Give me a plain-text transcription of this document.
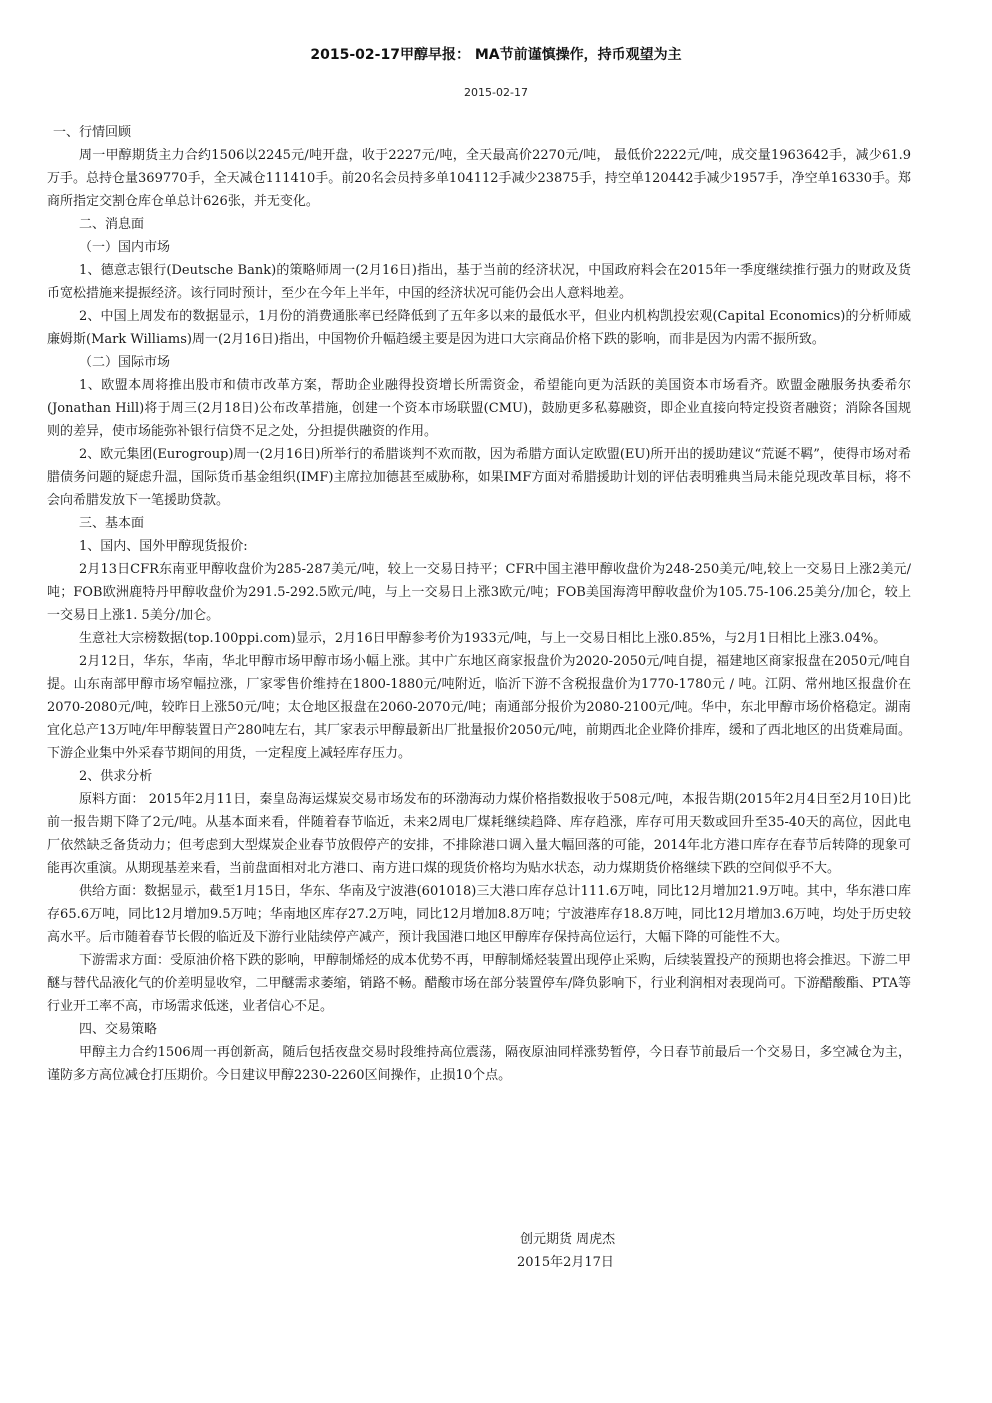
2015-02-17甲醇早报： MA节前谨慎操作，持币观望为主
2015-02-17

一、行情回顾

周一甲醇期货主力合约1506以2245元/吨开盘，收于2227元/吨，全天最高价2270元/吨， 最低价2222元/吨，成交量1963642手，减少61.9万手。总持仓量369770手，全天减仓111410手。前20名会员持多单104112手减少23875手，持空单120442手减少1957手，净空单16330手。郑商所指定交割仓库仓单总计626张，并无变化。

二、消息面

（一）国内市场

1、德意志银行(Deutsche Bank)的策略师周一(2月16日)指出，基于当前的经济状况，中国政府料会在2015年一季度继续推行强力的财政及货币宽松措施来提振经济。该行同时预计，至少在今年上半年，中国的经济状况可能仍会出人意料地差。

2、中国上周发布的数据显示，1月份的消费通胀率已经降低到了五年多以来的最低水平，但业内机构凯投宏观(Capital Economics)的分析师威廉姆斯(Mark Williams)周一(2月16日)指出，中国物价升幅趋缓主要是因为进口大宗商品价格下跌的影响，而非是因为内需不振所致。

（二）国际市场

1、欧盟本周将推出股市和债市改革方案，帮助企业融得投资增长所需资金，希望能向更为活跃的美国资本市场看齐。欧盟金融服务执委希尔(Jonathan Hill)将于周三(2月18日)公布改革措施，创建一个资本市场联盟(CMU)，鼓励更多私募融资，即企业直接向特定投资者融资；消除各国规则的差异，使市场能弥补银行信贷不足之处，分担提供融资的作用。

2、欧元集团(Eurogroup)周一(2月16日)所举行的希腊谈判不欢而散，因为希腊方面认定欧盟(EU)所开出的援助建议“荒诞不羁”，使得市场对希腊债务问题的疑虑升温，国际货币基金组织(IMF)主席拉加德甚至威胁称，如果IMF方面对希腊援助计划的评估表明雅典当局未能兑现改革目标，将不会向希腊发放下一笔援助贷款。

三、基本面

1、国内、国外甲醇现货报价:

2月13日CFR东南亚甲醇收盘价为285-287美元/吨，较上一交易日持平；CFR中国主港甲醇收盘价为248-250美元/吨,较上一交易日上涨2美元/吨；FOB欧洲鹿特丹甲醇收盘价为291.5-292.5欧元/吨，与上一交易日上涨3欧元/吨；FOB美国海湾甲醇收盘价为105.75-106.25美分/加仑，较上一交易日上涨1. 5美分/加仑。

生意社大宗榜数据(top.100ppi.com)显示，2月16日甲醇参考价为1933元/吨，与上一交易日相比上涨0.85%，与2月1日相比上涨3.04%。

2月12日，华东，华南，华北甲醇市场甲醇市场小幅上涨。其中广东地区商家报盘价为2020-2050元/吨自提，福建地区商家报盘在2050元/吨自提。山东南部甲醇市场窄幅拉涨，厂家零售价维持在1800-1880元/吨附近，临沂下游不含税报盘价为1770-1780元 / 吨。江阴、常州地区报盘价在2070-2080元/吨，较昨日上涨50元/吨；太仓地区报盘在2060-2070元/吨；南通部分报价为2080-2100元/吨。华中，东北甲醇市场价格稳定。湖南宜化总产13万吨/年甲醇装置日产280吨左右，其厂家表示甲醇最新出厂批量报价2050元/吨，前期西北企业降价排库，缓和了西北地区的出货难局面。下游企业集中外采春节期间的用货，一定程度上减轻库存压力。

2、供求分析

原料方面： 2015年2月11日，秦皇岛海运煤炭交易市场发布的环渤海动力煤价格指数报收于508元/吨，本报告期(2015年2月4日至2月10日)比前一报告期下降了2元/吨。从基本面来看，伴随着春节临近，未来2周电厂煤耗继续趋降、库存趋涨，库存可用天数或回升至35-40天的高位，因此电厂依然缺乏备货动力；但考虑到大型煤炭企业春节放假停产的安排，不排除港口调入量大幅回落的可能，2014年北方港口库存在春节后转降的现象可能再次重演。从期现基差来看，当前盘面相对北方港口、南方进口煤的现货价格均为贴水状态，动力煤期货价格继续下跌的空间似乎不大。

供给方面：数据显示，截至1月15日，华东、华南及宁波港(601018)三大港口库存总计111.6万吨，同比12月增加21.9万吨。其中，华东港口库存65.6万吨，同比12月增加9.5万吨；华南地区库存27.2万吨，同比12月增加8.8万吨；宁波港库存18.8万吨，同比12月增加3.6万吨，均处于历史较高水平。后市随着春节长假的临近及下游行业陆续停产减产，预计我国港口地区甲醇库存保持高位运行，大幅下降的可能性不大。

下游需求方面：受原油价格下跌的影响，甲醇制烯烃的成本优势不再，甲醇制烯烃装置出现停止采购，后续装置投产的预期也将会推迟。下游二甲醚与替代品液化气的价差明显收窄，二甲醚需求萎缩，销路不畅。醋酸市场在部分装置停车/降负影响下，行业利润相对表现尚可。下游醋酸酯、PTA等行业开工率不高，市场需求低迷，业者信心不足。

四、交易策略

甲醇主力合约1506周一再创新高，随后包括夜盘交易时段维持高位震荡，隔夜原油同样涨势暂停，今日春节前最后一个交易日，多空减仓为主，谨防多方高位减仓打压期价。今日建议甲醇2230-2260区间操作，止损10个点。

创元期货 周虎杰
2015年2月17日
